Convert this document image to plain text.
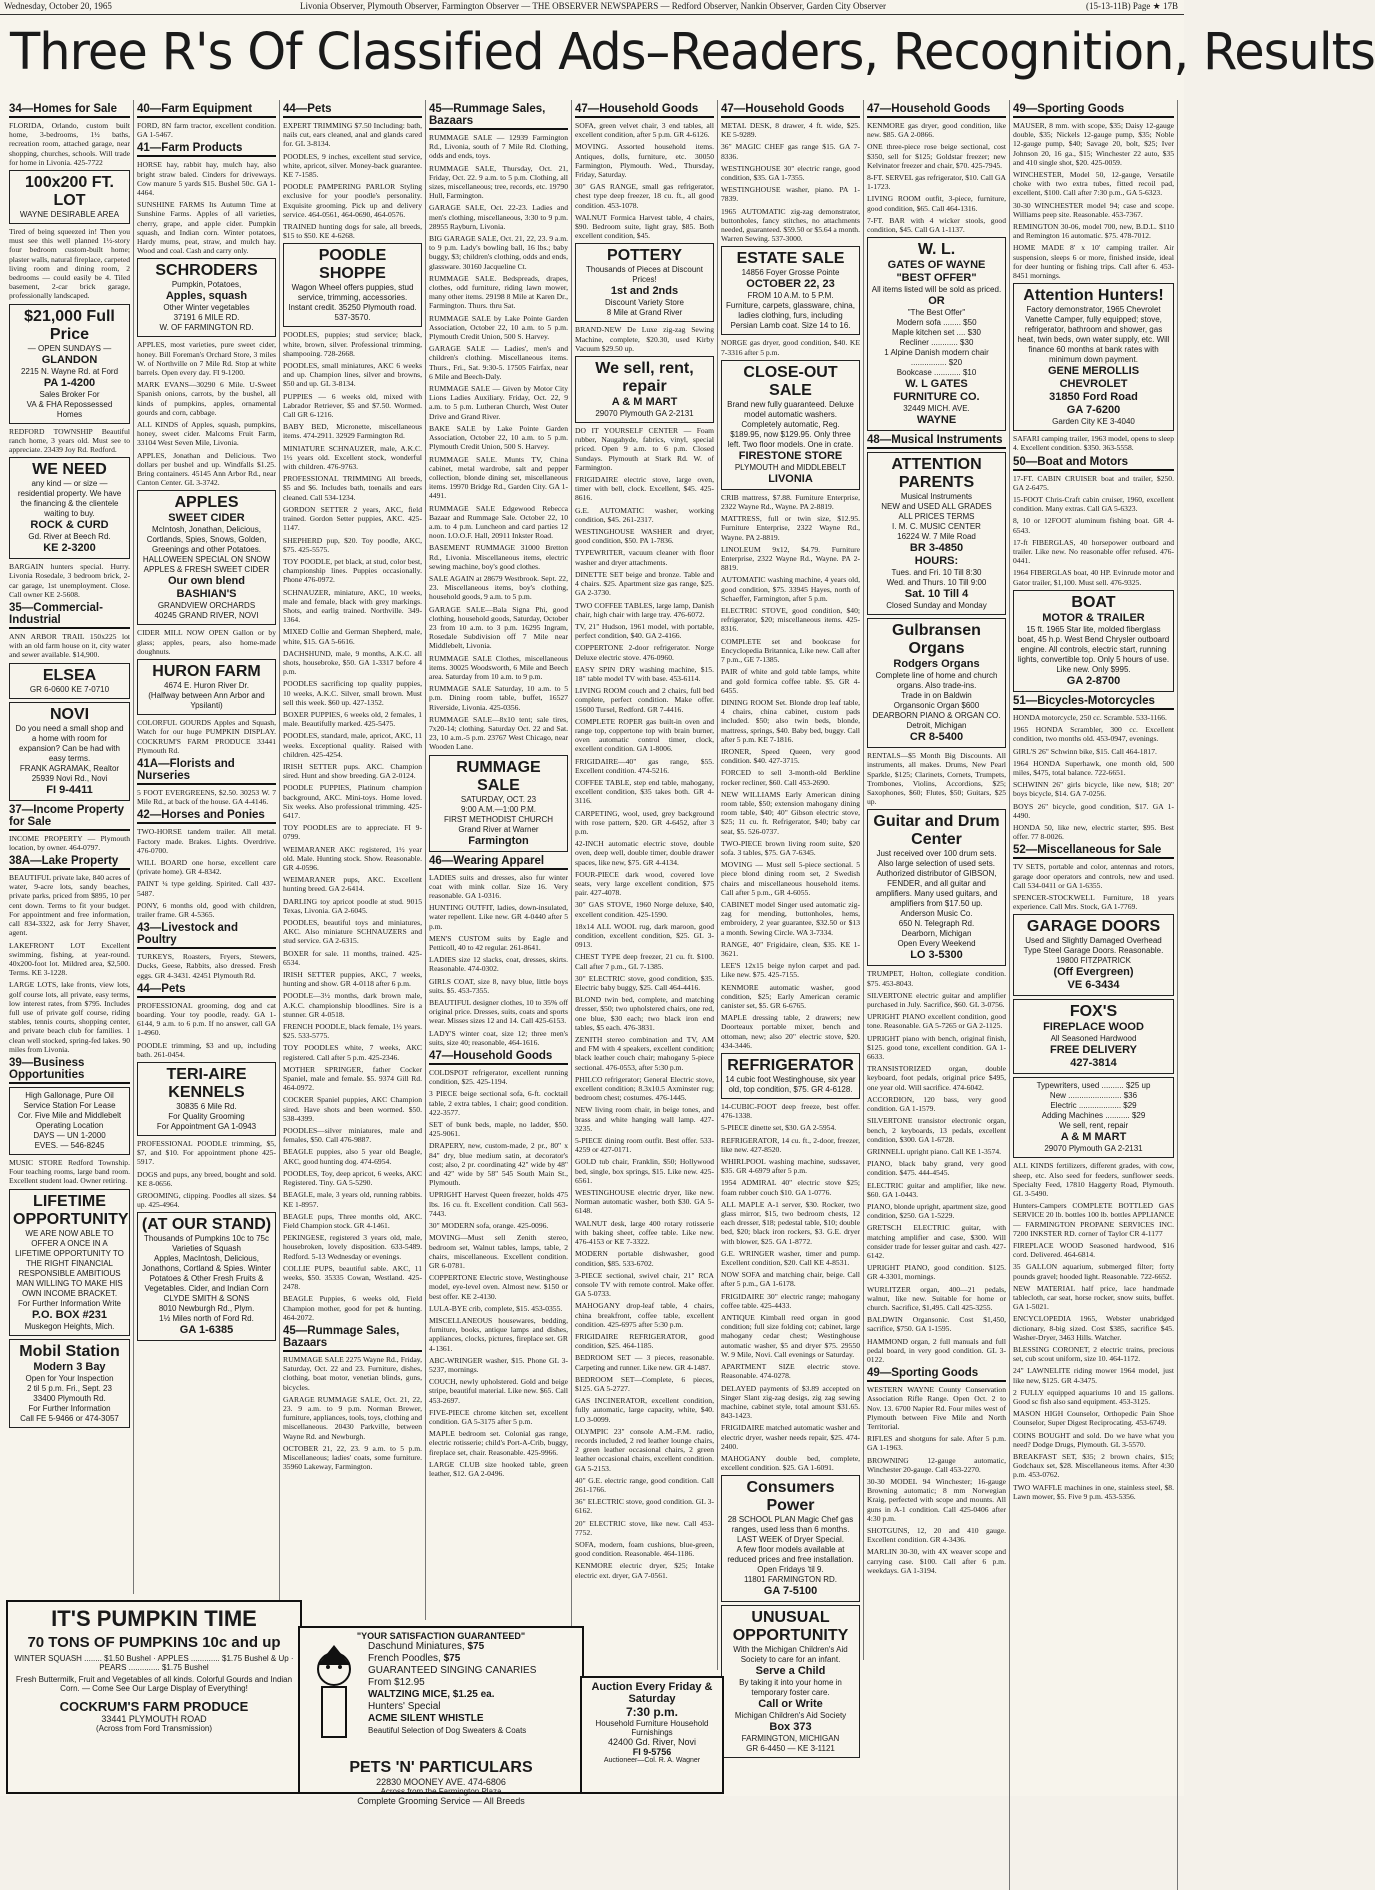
Wednesday, October 20, 1965	Livonia Observer, Plymouth Observer, Farmington Observer — THE OBSERVER NEWSPAPERS — Redford Observer, Nankin Observer, Garden City Observer	(15-13-11B) Page ★ 17B
Three R's Of Classified Ads–Readers, Recognition, Results
34—Homes for Sale

FLORIDA, Orlando, custom built home, 3-bedrooms, 1½ baths, recreation room, attached garage, near shopping, churches, schools. Will trade for home in Livonia. 425-7722

100x200 FT. LOT
WAYNE DESIRABLE AREA

Tired of being squeezed in! Then you must see this well planned 1½-story four bedroom custom-built home; plaster walls, natural fireplace, carpeted living room and dining room, 2 bedrooms — could easily be 4. Tiled basement, 2-car brick garage, professionally landscaped.

$21,000 Full Price
— OPEN SUNDAYS —
GLANDON
2215 N. Wayne Rd. at Ford
PA 1-4200
Sales Broker For
VA & FHA Repossessed Homes

REDFORD TOWNSHIP Beautiful ranch home, 3 years old. Must see to appreciate. 23439 Joy Rd. Redford.

WE NEED
any kind — or size — residential property. We have the financing & the clientele waiting to buy.
ROCK & CURD
Gd. River at Beech Rd.
KE 2-3200

BARGAIN hunters special. Hurry. Livonia Rosedale, 3 bedroom brick, 2-car garage, 1st unemployment. Close. Call owner KE 2-5608.

35—Commercial-Industrial

ANN ARBOR TRAIL 150x225 lot with an old farm house on it, city water and sewer available. $14,900.

ELSEA
GR 6-0600 KE 7-0710
NOVI
Do you need a small shop and a home with room for expansion? Can be had with easy terms.
FRANK AGRAMAK, Realtor
25939 Novi Rd., Novi
FI 9-4411
37—Income Property for Sale

INCOME PROPERTY — Plymouth location, by owner. 464-0797.

38A—Lake Property

BEAUTIFUL private lake, 840 acres of water, 9-acre lots, sandy beaches, private parks, priced from $895, 10 per cent down. Terms to fit your budget. For appointment and free information, call 834-3322, ask for Jerry Shaver, agent.

LAKEFRONT LOT Excellent swimming, fishing, at year-round. 40x200-foot lot. Mildred area, $2,500. Terms. KE 3-1228.

LARGE LOTS, lake fronts, view lots, golf course lots, all private, easy terms, low interest rates, from $795. Includes full use of private golf course, riding stables, tennis courts, shopping center, and private beach club for families. 1 clean well stocked, spring-fed lakes. 90 miles from Livonia.

39—Business Opportunities
High Gallonage, Pure Oil Service Station For Lease
Cor. Five Mile and Middlebelt
Operating Location
DAYS — UN 1-2000
EVES. — 546-8245

MUSIC STORE Redford Township. Four teaching rooms, large band room. Excellent student load. Owner retiring.

LIFETIME OPPORTUNITY
WE ARE NOW ABLE TO OFFER A ONCE IN A LIFETIME OPPORTUNITY TO THE RIGHT FINANCIAL RESPONSIBLE AMBITIOUS MAN WILLING TO MAKE HIS OWN INCOME BRACKET.
For Further Information Write
P.O. BOX #231
Muskegon Heights, Mich.
Mobil Station
Modern 3 Bay
Open for Your Inspection
2 til 5 p.m. Fri., Sept. 23
33400 Plymouth Rd.
For Further Information
Call FE 5-9466 or 474-3057
40—Farm Equipment

FORD, 8N farm tractor, excellent condition. GA 1-5467.

41—Farm Products

HORSE hay, rabbit hay, mulch hay, also bright straw baled. Cinders for driveways. Cow manure 5 yards $15. Bushel 50c. GA 1-4464.

SUNSHINE FARMS Its Autumn Time at Sunshine Farms. Apples of all varieties, cherry, grape, and apple cider. Pumpkin squash, and Indian corn. Winter potatoes, Hardy mums, peat, straw, and mulch hay. Wood and coal. Cash and carry only.

SCHRODERS
Pumpkin, Potatoes,
Apples, squash
Other Winter vegetables
37191 6 MILE RD.
W. OF FARMINGTON RD.

APPLES, most varieties, pure sweet cider, honey. Bill Foreman's Orchard Store, 3 miles W. of Northville on 7 Mile Rd. Stop at white barrels. Open every day. FI 9-1200.

MARK EVANS—30290 6 Mile. U-Sweet Spanish onions, carrots, by the bushel, all kinds of pumpkins, apples, ornamental gourds and corn, cabbage.

ALL KINDS of Apples, squash, pumpkins, honey, sweet cider. Malcoms Fruit Farm, 33104 West Seven Mile, Livonia.

APPLES, Jonathan and Delicious. Two dollars per bushel and up. Windfalls $1.25. Bring containers. 45145 Ann Arbor Rd., near Canton Center. GL 3-3742.

APPLES
SWEET CIDER
McIntosh, Jonathan, Delicious, Cortlands, Spies, Snows, Golden, Greenings and other Potatoes.
HALLOWEEN SPECIAL ON SNOW APPLES & FRESH SWEET CIDER
Our own blend
BASHIAN'S
GRANDVIEW ORCHARDS
40245 GRAND RIVER, NOVI

CIDER MILL NOW OPEN Gallon or by glass; apples, pears, also home-made doughnuts.

HURON FARM
4674 E. Huron River Dr.
(Halfway between Ann Arbor and Ypsilanti)

COLORFUL GOURDS Apples and Squash, Watch for our huge PUMPKIN DISPLAY. COCKRUM'S FARM PRODUCE 33441 Plymouth Rd.

41A—Florists and Nurseries

5 FOOT EVERGREENS, $2.50. 30253 W. 7 Mile Rd., at back of the house. GA 4-4146.

42—Horses and Ponies

TWO-HORSE tandem trailer. All metal. Factory made. Brakes. Lights. Overdrive. 476-0700.

WILL BOARD one horse, excellent care (private home). GR 4-8342.

PAINT ¼ type gelding. Spirited. Call 437-5487.

PONY, 6 months old, good with children, trailer frame. GR 4-5365.

43—Livestock and Poultry

TURKEYS, Roasters, Fryers, Stewers, Ducks, Geese, Rabbits, also dressed. Fresh eggs. GR 4-3431. 42451 Plymouth Rd.

44—Pets

PROFESSIONAL grooming, dog and cat boarding. Your toy poodle, ready. GA 1-6144, 9 a.m. to 6 p.m. If no answer, call GA 1-4960.

POODLE trimming, $3 and up, including bath. 261-0454.

TERI-AIRE KENNELS
30835 6 Mile Rd.
For Quality Grooming
For Appointment GA 1-0943

PROFESSIONAL POODLE trimming, $5, $7, and $10. For appointment phone 425-5917.

DOGS and pups, any breed, bought and sold. KE 8-0656.

GROOMING, clipping. Poodles all sizes. $4 up. 425-4964.

(AT OUR STAND)
Thousands of Pumpkins 10c to 75c
Varieties of Squash
Apples, MacIntosh, Delicious, Jonathons, Cortland & Spies. Winter Potatoes & Other Fresh Fruits & Vegetables. Cider, and Indian Corn
CLYDE SMITH & SONS
8010 Newburgh Rd., Plym.
1½ Miles north of Ford Rd.
GA 1-6385
44—Pets

EXPERT TRIMMING $7.50 Including: bath, nails cut, ears cleaned, anal and glands cared for. GL 3-8134.

POODLES, 9 inches, excellent stud service, white, apricot, silver. Money-back guarantee. KE 7-1585.

POODLE PAMPERING PARLOR Styling exclusive for your poodle's personality. Exquisite grooming. Pick up and delivery service. 464-0561, 464-0690, 464-0576.

TRAINED hunting dogs for sale, all breeds, $15 to $50. KE 4-6268.

POODLE SHOPPE
Wagon Wheel offers puppies, stud service, trimming, accessories. Instant credit. 35250 Plymouth road. 537-3570.

POODLES, puppies; stud service; black, white, brown, silver. Professional trimming, shampooing. 728-2668.

POODLES, small miniatures, AKC 6 weeks and up. Champion lines, silver and browns, $50 and up. GL 3-8134.

PUPPIES — 6 weeks old, mixed with Labrador Retriever, $5 and $7.50. Wormed. Call GR 6-1216.

BABY BED, Micronette, miscellaneous items. 474-2911. 32929 Farmington Rd.

MINIATURE SCHNAUZER, male, A.K.C. 1½ years old. Excellent stock, wonderful with children. 476-9763.

PROFESSIONAL TRIMMING All breeds, $5 and $6. Includes bath, toenails and ears cleaned. Call 534-1234.

GORDON SETTER 2 years, AKC, field trained. Gordon Setter puppies, AKC. 425-1147.

SHEPHERD pup, $20. Toy poodle, AKC, $75. 425-5575.

TOY POODLE, pet black, at stud, color best, championship lines. Puppies occasionally. Phone 476-0972.

SCHNAUZER, miniature, AKC, 10 weeks, male and female, black with grey markings. Shots, and earlig trained. Northville. 349-1364.

MIXED Collie and German Shepherd, male, white, $15. GA 5-6616.

DACHSHUND, male, 9 months, A.K.C. all shots, housebroke, $50. GA 1-3317 before 4 p.m.

POODLES sacrificing top quality puppies, 10 weeks, A.K.C. Silver, small brown. Must sell this week. $60 up. 427-1352.

BOXER PUPPIES, 6 weeks old, 2 females, 1 male. Beautifully marked. 425-5475.

POODLES, standard, male, apricot, AKC, 11 weeks. Exceptional quality. Raised with children. 425-4254.

IRISH SETTER pups. AKC. Champion sired. Hunt and show breeding. GA 2-0124.

POODLE PUPPIES, Platinum champion background, AKC. Mini-toys. Home loved. Six weeks. Also professional trimming. 425-6417.

TOY POODLES are to appreciate. FI 9-0799.

WEIMARANER AKC registered, 1½ year old. Male. Hunting stock. Show. Reasonable. GR 4-0596.

WEIMARANER pups, AKC. Excellent hunting breed. GA 2-6414.

DARLING toy apricot poodle at stud. 9015 Texas, Livonia. GA 2-6045.

POODLES, beautiful toys and miniatures, AKC. Also miniature SCHNAUZERS and stud service. GA 2-6315.

BOXER for sale. 11 months, trained. 425-6534.

IRISH SETTER puppies, AKC, 7 weeks, hunting and show. GR 4-0118 after 6 p.m.

POODLE—3½ months, dark brown male, A.K.C. championship bloodlines. Sire is a stunner. GR 4-0518.

FRENCH POODLE, black female, 1½ years. $25. 533-5775.

TOY POODLES white, 7 weeks, AKC registered. Call after 5 p.m. 425-2346.

MOTHER SPRINGER, father Cocker Spaniel, male and female. $5. 9374 Gill Rd. 464-0972.

COCKER Spaniel puppies, AKC Champion sired. Have shots and been wormed. $50. 538-4399.

POODLES—silver miniatures, male and females, $50. Call 476-9887.

BEAGLE puppies, also 5 year old Beagle, AKC, good hunting dog. 474-6954.

POODLES, Toy, deep apricot, 6 weeks, AKC Registered. Tiny. GA 5-5290.

BEAGLE, male, 3 years old, running rabbits. KE 1-8957.

BEAGLE pups, Three months old, AKC. Field Champion stock. GR 4-1461.

PEKINGESE, registered 3 years old, male, housebroken, lovely disposition. 633-5489. Redford. 5-13 Wednesday or evenings.

COLLIE PUPS, beautiful sable. AKC, 11 weeks, $50. 35335 Cowan, Westland. 425-2478.

BEAGLE Puppies, 6 weeks old, Field Champion mother, good for pet & hunting. 464-2072.

45—Rummage Sales, Bazaars

RUMMAGE SALE 2275 Wayne Rd., Friday, Saturday, Oct. 22 and 23. Furniture, dishes, clothing, boat motor, venetian blinds, guns, bicycles.

GARAGE RUMMAGE SALE, Oct. 21, 22, 23. 9 a.m. to 9 p.m. Norman Brewer, furniture, appliances, tools, toys, clothing and miscellaneous. 20430 Parkville, between Wayne Rd. and Newburgh.

OCTOBER 21, 22, 23. 9 a.m. to 5 p.m. Miscellaneous; ladies' coats, some furniture. 35960 Lakeway, Farmington.

45—Rummage Sales, Bazaars

RUMMAGE SALE — 12939 Farmington Rd., Livonia, south of 7 Mile Rd. Clothing, odds and ends, toys.

RUMMAGE SALE, Thursday, Oct. 21, Friday, Oct. 22. 9 a.m. to 5 p.m. Clothing, all sizes, miscellaneous; tree, records, etc. 19790 Hull, Farmington.

GARAGE SALE, Oct. 22-23. Ladies and men's clothing, miscellaneous, 3:30 to 9 p.m. 28955 Rayburn, Livonia.

BIG GARAGE SALE, Oct. 21, 22, 23. 9 a.m. to 9 p.m. Lady's bowling ball, 16 lbs.; baby buggy, $3; children's clothing, odds and ends, glassware. 30160 Jacqueline Ct.

RUMMAGE SALE. Bedspreads, drapes, clothes, odd furniture, riding lawn mower, many other items. 29198 8 Mile at Karen Dr., Farmington. Thurs. thru Sat.

RUMMAGE SALE by Lake Pointe Garden Association, October 22, 10 a.m. to 5 p.m. Plymouth Credit Union, 500 S. Harvey.

GARAGE SALE — Ladies', men's and children's clothing. Miscellaneous items. Thurs., Fri., Sat. 9:30-5. 17505 Fairfax, near 6 Mile and Beech-Daly.

RUMMAGE SALE — Given by Motor City Lions Ladies Auxiliary. Friday, Oct. 22, 9 a.m. to 5 p.m. Lutheran Church, West Outer Drive and Grand River.

BAKE SALE by Lake Pointe Garden Association, October 22, 10 a.m. to 5 p.m. Plymouth Credit Union, 500 S. Harvey.

RUMMAGE SALE. Munts TV, China cabinet, metal wardrobe, salt and pepper collection, blonde dining set, miscellaneous items. 19970 Bridge Rd., Garden City. GA 1-4491.

RUMMAGE SALE Edgewood Rebecca Bazaar and Rummage Sale. October 22, 10 a.m. to 4 p.m. Luncheon and card parties 12 noon. I.O.O.F. Hall, 20911 Inkster Road.

BASEMENT RUMMAGE 31000 Bretton Rd., Livonia. Miscellaneous items, electric sewing machine, boy's good clothes.

SALE AGAIN at 28679 Westbrook. Sept. 22, 23. Miscellaneous items, boy's clothing, household goods, 9 a.m. to 5 p.m.

GARAGE SALE—Bala Signa Phi, good clothing, household goods, Saturday, October 23 from 10 a.m. to 3 p.m. 16295 Ingram, Rosedale Subdivision off 7 Mile near Middlebelt, Livonia.

RUMMAGE SALE Clothes, miscellaneous items. 30025 Woodsworth, 6 Mile and Beech area. Saturday from 10 a.m. to 9 p.m.

RUMMAGE SALE Saturday, 10 a.m. to 5 p.m. Dining room table, buffet, 16527 Riverside, Livonia. 425-0356.

RUMMAGE SALE—8x10 tent; sale tires, 7x20-14; clothing. Saturday Oct. 22 and Sat. 23, 10 a.m.-5 p.m. 23767 West Chicago, near Wooden Lane.

RUMMAGE SALE
SATURDAY, OCT. 23
9:00 A.M.—1:00 P.M.
FIRST METHODIST CHURCH
Grand River at Warner
Farmington
46—Wearing Apparel

LADIES suits and dresses, also fur winter coat with mink collar. Size 16. Very reasonable. GA 1-0316.

HUNTING OUTFIT, ladies, down-insulated, water repellent. Like new. GR 4-0440 after 5 p.m.

MEN'S CUSTOM suits by Eagle and Petticoll, 40 to 42 regular. 261-8641.

LADIES size 12 slacks, coat, dresses, skirts. Reasonable. 474-0302.

GIRLS COAT, size 8, navy blue, little boys suits. $5. 453-7355.

BEAUTIFUL designer clothes, 10 to 35% off original price. Dresses, suits, coats and sports wear. Misses sizes 12 and 14. Call 425-6153.

LADY'S winter coat, size 12; three men's suits, size 40; reasonable, 464-1616.

47—Household Goods

COLDSPOT refrigerator, excellent running condition, $25. 425-1194.

3 PIECE beige sectional sofa, 6-ft. cocktail table, 2 extra tables, 1 chair; good condition. 422-3577.

SET of bunk beds, maple, no ladder, $50. 425-9061.

DRAPERY, new, custom-made, 2 pr., 80" x 84" dry, blue medium satin, at decorator's cost; also, 2 pr. coordinating 42" wide by 48" and 42" wide by 58" 545 South Main St., Plymouth.

UPRIGHT Harvest Queen freezer, holds 475 lbs. 16 cu. ft. Excellent condition. Call 563-7443.

30" MODERN sofa, orange. 425-0096.

MOVING—Must sell Zenith stereo, bedroom set, Walnut tables, lamps, table, 2 chairs, miscellaneous. Excellent condition. GR 6-0781.

COPPERTONE Electric stove, Westinghouse model, eye-level oven. Almost new. $150 or best offer. KE 2-4130.

LULA-BYE crib, complete, $15. 453-0355.

MISCELLANEOUS housewares, bedding, furniture, books, antique lamps and dishes, appliances, clocks, pictures, fireplace set. GR 4-1361.

ABC-WRINGER washer, $15. Phone GL 3-5237, mornings.

COUCH, newly upholstered. Gold and beige stripe, beautiful material. Like new. $65. Call 453-2697.

FIVE-PIECE chrome kitchen set, excellent condition. GA 5-3175 after 5 p.m.

MAPLE bedroom set. Colonial gas range, electric rotisserie; child's Port-A-Crib, buggy, fireplace set, chair. Reasonable. 425-9966.

LARGE CLUB size hooked table, green leather, $12. GA 2-0496.

47—Household Goods

SOFA, green velvet chair, 3 end tables, all excellent condition, after 5 p.m. GR 4-6126.

MOVING. Assorted household items. Antiques, dolls, furniture, etc. 30050 Farmington, Plymouth. Wed., Thursday, Friday, Saturday.

30" GAS RANGE, small gas refrigerator, chest type deep freezer, 18 cu. ft., all good condition. 453-1078.

WALNUT Formica Harvest table, 4 chairs, $90. Bedroom suite, light gray, $85. Both excellent condition, $45.

POTTERY
Thousands of Pieces at Discount Prices!
1st and 2nds
Discount Variety Store
8 Mile at Grand River

BRAND-NEW De Luxe zig-zag Sewing Machine, complete, $20.30, used Kirby Vacuum $29.50 up.

We sell, rent, repair
A & M MART
29070 Plymouth GA 2-2131

DO IT YOURSELF CENTER — Foam rubber, Naugahyde, fabrics, vinyl, special priced. Open 9 a.m. to 6 p.m. Closed Sundays. Plymouth at Stark Rd. W. of Farmington.

FRIGIDAIRE electric stove, large oven, timer with bell, clock. Excellent, $45. 425-8616.

G.E. AUTOMATIC washer, working condition, $45. 261-2317.

WESTINGHOUSE WASHER and dryer, good condition, $50. PA 1-7836.

TYPEWRITER, vacuum cleaner with floor washer and dryer attachments.

DINETTE SET beige and bronze. Table and 4 chairs. $25. Apartment size gas range, $25. GA 2-3730.

TWO COFFEE TABLES, large lamp, Danish chair, high chair with large tray. 476-6072.

TV, 21" Hudson, 1961 model, with portable, perfect condition, $40. GA 2-4166.

COPPERTONE 2-door refrigerator. Norge Deluxe electric stove. 476-0960.

EASY SPIN DRY washing machine, $15. 18" table model TV with base. 453-6114.

LIVING ROOM couch and 2 chairs, full bed complete, perfect condition. Make offer. 15600 Tursel, Redford. GR 7-4416.

COMPLETE ROPER gas built-in oven and range top, coppertone top with brain burner, oven automatic control timer, clock, excellent condition. GA 1-8006.

FRIGIDAIRE—40" gas range, $55. Excellent condition. 474-5216.

COFFEE TABLE, step end table, mahogany, excellent condition, $35 takes both. GR 4-3116.

CARPETING, wool, used, grey background with rose pattern, $20. GR 4-6452, after 3 p.m.

42-INCH automatic electric stove, double oven, deep well, double timer, double drawer spaces, like new, $75. GR 4-4134.

FOUR-PIECE dark wood, covered love seats, very large excellent condition, $75 pair. 427-4078.

30" GAS STOVE, 1960 Norge deluxe, $40, excellent condition. 425-1590.

18x14 ALL WOOL rug, dark maroon, good condition, excellent condition, $25. GL 3-0913.

CHEST TYPE deep freezer, 21 cu. ft. $100. Call after 7 p.m., GL 7-1385.

30" ELECTRIC stove, good condition, $35. Electric baby buggy, $25. Call 464-4416.

BLOND twin bed, complete, and matching dresser, $50; two upholstered chairs, one red, one blue, $30 each; two black iron end tables, $5 each. 476-3831.

ZENITH stereo combination and TV, AM and FM with 4 speakers, excellent condition; black leather couch chair; mahogany 5-piece sectional. 476-0553, after 5:30 p.m.

PHILCO refrigerator; General Electric stove, excellent condition; 8.3x10.5 Axminster rug; bedroom chest; costumes. 476-1445.

NEW living room chair, in beige tones, and brass and white hanging wall lamp. 427-3235.

5-PIECE dining room outfit. Best offer. 533-4259 or 427-0171.

GOLD tub chair, Franklin, $50; Hollywood bed, single, box springs, $15. Like new. 425-6561.

WESTINGHOUSE electric dryer, like new. Norman automatic washer, both $30. GA 5-6148.

WALNUT desk, large 400 rotary rotisserie with baking sheet, coffee table. Like new. 476-4153 or KE 7-3322.

MODERN portable dishwasher, good condition, $85. 533-6702.

3-PIECE sectional, swivel chair, 21" RCA console TV with remote control. Make offer. GA 5-0733.

MAHOGANY drop-leaf table, 4 chairs, china breakfront, coffee table, excellent condition. 425-6975 after 5:30 p.m.

FRIGIDAIRE REFRIGERATOR, good condition, $25. 464-1185.

BEDROOM SET — 3 pieces, reasonable. Carpeting and runner. Like new. GR 4-1487.

BEDROOM SET—Complete, 6 pieces, $125. GA 5-2727.

GAS INCINERATOR, excellent condition, fully automatic, large capacity, white, $40. LO 3-0099.

OLYMPIC 23" console A.M.-F.M. radio, records included, 2 red leather lounge chairs, 2 green leather occasional chairs, 2 green leather occasional chairs, excellent condition. GA 5-2153.

40" G.E. electric range, good condition. Call 261-1766.

36" ELECTRIC stove, good condition. GL 3-6162.

20" ELECTRIC stove, like new. Call 453-7752.

SOFA, modern, foam cushions, blue-green, good condition. Reasonable. 464-1186.

KENMORE electric dryer, $25; Intake electric ext. dryer, GA 7-0561.

47—Household Goods

METAL DESK, 8 drawer, 4 ft. wide, $25. KE 5-9289.

36" MAGIC CHEF gas range $15. GA 7-8336.

WESTINGHOUSE 30" electric range, good condition, $35. GA 1-7355.

WESTINGHOUSE washer, piano. PA 1-7839.

1965 AUTOMATIC zig-zag demonstrator, buttonholes, fancy stitches, no attachments needed, guaranteed. $59.50 or $5.64 a month. Warren Sewing. 537-3000.

ESTATE SALE
14856 Foyer Grosse Pointe
OCTOBER 22, 23
FROM 10 A.M. to 5 P.M.
Furniture, carpets, glassware, china, ladies clothing, furs, including Persian Lamb coat. Size 14 to 16.

NORGE gas dryer, good condition, $40. KE 7-3316 after 5 p.m.

CLOSE-OUT SALE
Brand new fully guaranteed. Deluxe model automatic washers. Completely automatic, Reg. $189.95, now $129.95. Only three left. Two floor models. One in crate.
FIRESTONE STORE
PLYMOUTH and MIDDLEBELT
LIVONIA

CRIB mattress, $7.88. Furniture Enterprise, 2322 Wayne Rd., Wayne. PA 2-8819.

MATTRESS, full or twin size, $12.95. Furniture Enterprise, 2322 Wayne Rd., Wayne. PA 2-8819.

LINOLEUM 9x12, $4.79. Furniture Enterprise, 2322 Wayne Rd., Wayne. PA 2-8819.

AUTOMATIC washing machine, 4 years old, good condition, $75. 33945 Hayes, north of Schaeffer, Farmington, after 5 p.m.

ELECTRIC STOVE, good condition, $40; refrigerator, $20; miscellaneous items. 425-8316.

COMPLETE set and bookcase for Encyclopedia Britannica, Like new. Call after 7 p.m., GE 7-1385.

PAIR of white and gold table lamps, white and gold formica coffee table. $5. GR 4-6455.

DINING ROOM Set. Blonde drop leaf table, 4 chairs, china cabinet, custom pads included. $50; also twin beds, blonde, mattress, springs, $40. Baby bed, buggy. Call after 5 p.m. KE 7-1816.

IRONER, Speed Queen, very good condition. $40. 427-3715.

FORCED to sell 3-month-old Berkline rocker recliner, $60. Call 453-2690.

NEW WILLIAMS Early American dining room table, $50; extension mahogany dining room table, $40; 40" Gibson electric stove, $25; 11 cu. ft. Refrigerator, $40; baby car seat, $5. 526-0737.

TWO-PIECE brown living room suite, $20 sofa. 3 tables, $75. GA 7-6345.

MOVING — Must sell 5-piece sectional. 5 piece blond dining room set, 2 Swedish chairs and miscellaneous household items. Call after 5 p.m., GR 4-6055.

CABINET model Singer used automatic zig-zag for mending, buttonholes, hems, embroidery, 2 year guarantee, $32.50 or $13 a month. Sewing Circle. WA 3-7334.

RANGE, 40" Frigidaire, clean, $35. KE 1-3621.

LEE'S 12x15 beige nylon carpet and pad. Like new. $75. 425-7155.

KENMORE automatic washer, good condition, $25; Early American ceramic canister set, $5. GR 6-6765.

MAPLE dressing table, 2 drawers; new Doorteaux portable mixer, bench and ottoman, new; also 20" electric stove, $20. 434-3446.

REFRIGERATOR
14 cubic foot Westinghouse, six year old, top condition, $75. GR 4-6128.

14-CUBIC-FOOT deep freeze, best offer. 476-1338.

5-PIECE dinette set, $30. GA 2-5954.

REFRIGERATOR, 14 cu. ft., 2-door, freezer, like new. 427-8520.

WHIRLPOOL washing machine, sudssaver, $35. GR 4-6979 after 5 p.m.

1954 ADMIRAL 40" electric stove $25; foam rubber couch $10. GA 1-0776.

ALL MAPLE A-1 server, $30. Rocker, two glass mirror, $15, two bedroom chests, 12 each dresser, $18; pedestal table, $10; double bed, $20; black iron rockers, $3. G.E. dryer with blower, $25. GA 1-8772.

G.E. WRINGER washer, timer and pump. Excellent condition, $20. Call KE 4-8531.

NOW SOFA and matching chair, beige. Call after 5 p.m., GA 1-6178.

FRIGIDAIRE 30" electric range; mahogany coffee table. 425-4433.

ANTIQUE Kimball reed organ in good condition; full size folding cot; cabinet, large mahogany cedar chest; Westinghouse automatic washer, $5 and dryer $75. 29550 W. 9 Mile, Novi. Call evenings or Saturday.

APARTMENT SIZE electric stove. Reasonable. 474-0278.

DELAYED payments of $3.89 accepted on Singer Slant zig-zag desigs, zig zag sewing machine, cabinet style, total amount $31.65. 843-1423.

FRIGIDAIRE matched automatic washer and electric dryer, washer needs repair, $25. 474-2400.

MAHOGANY double bed, complete, excellent condition. $25. GA 1-6091.

Consumers Power
28 SCHOOL PLAN Magic Chef gas ranges, used less than 6 months.
LAST WEEK of Dryer Special.
A few floor models available at reduced prices and free installation.
Open Fridays 'til 9.
11801 FARMINGTON RD.
GA 7-5100
UNUSUAL OPPORTUNITY
With the Michigan Children's Aid Society to care for an infant.
Serve a Child
By taking it into your home in temporary foster care.
Call or Write
Michigan Children's Aid Society
Box 373
FARMINGTON, MICHIGAN
GR 6-4450 — KE 3-1121
47—Household Goods

KENMORE gas dryer, good condition, like new. $85. GA 2-0866.

ONE three-piece rose beige sectional, cost $350, sell for $125; Goldstar freezer; new Kelvinator freezer and chair, $70. 425-7945.

8-FT. SERVEL gas refrigerator, $10. Call GA 1-1723.

LIVING ROOM outfit, 3-piece, furniture, good condition, $65. Call 464-1316.

7-FT. BAR with 4 wicker stools, good condition, $45. Call GA 1-1137.

W. L.
GATES OF WAYNE
"BEST OFFER"
All items listed will be sold as priced.
OR
"The Best Offer"
Modern sofa ........ $50
Maple kitchen set .... $30
Recliner ............ $30
1 Alpine Danish modern chair ................ $20
Bookcase ............ $10
W. L GATES
FURNITURE CO.
32449 MICH. AVE.
WAYNE
48—Musical Instruments
ATTENTION PARENTS
Musical Instruments
NEW and USED ALL GRADES
ALL PRICES TERMS
I. M. C. MUSIC CENTER
16224 W. 7 Mile Road
BR 3-4850
HOURS:
Tues. and Fri. 10 Till 8:30
Wed. and Thurs. 10 Till 9:00
Sat. 10 Till 4
Closed Sunday and Monday
Gulbransen Organs
Rodgers Organs
Complete line of home and church organs. Also trade-ins.
Trade in on Baldwin
Organsonic Organ $600
DEARBORN PIANO & ORGAN CO.
Detroit, Michigan
CR 8-5400

RENTALS—$5 Month Big Discounts. All instruments, all makes. Drums, New Pearl Sparkle, $125; Clarinets, Cornets, Trumpets, Trombones, Violins, Accordions, $25; Saxophones, $60; Flutes, $50; Guitars, $25 up.

Guitar and Drum Center
Just received over 100 drum sets. Also large selection of used sets. Authorized distributor of GIBSON, FENDER, and all guitar and amplifiers. Many used guitars, and amplifiers from $17.50 up.
Anderson Music Co.
650 N. Telegraph Rd.
Dearborn, Michigan
Open Every Weekend
LO 3-5300

TRUMPET, Holton, collegiate condition. $75. 453-8043.

SILVERTONE electric guitar and amplifier purchased in July. Sacrifice, $60. GL 3-0756.

UPRIGHT PIANO excellent condition, good tone. Reasonable. GA 5-7265 or GA 2-1125.

UPRIGHT piano with bench, original finish, $125. good tone, excellent condition. GA 1-6633.

TRANSISTORIZED organ, double keyboard, foot pedals, original price $495, one year old. Will sacrifice. 474-6042.

ACCORDION, 120 bass, very good condition. GA 1-1579.

SILVERTONE transistor electronic organ, bench, 2 keyboards, 13 pedals, excellent condition, $300. GA 1-6728.

GRINNELL upright piano. Call KE 1-3574.

PIANO, black baby grand, very good condition. $475. 444-4545.

ELECTRIC guitar and amplifier, like new. $60. GA 1-0443.

PIANO, blonde upright, apartment size, good condition, $250. GA 1-5229.

GRETSCH ELECTRIC guitar, with matching amplifier and case, $300. Will consider trade for lesser guitar and cash. 427-6142.

UPRIGHT PIANO, good condition. $125. GR 4-3301, mornings.

WURLITZER organ, 400—21 pedals, walnut, like new. Suitable for home or church. Sacrifice, $1,495. Call 425-3255.

BALDWIN Organsonic. Cost $1,450, sacrifice, $750. GA 1-1595.

HAMMOND organ, 2 full manuals and full pedal board, in very good condition. GL 3-0122.

49—Sporting Goods

WESTERN WAYNE County Conservation Association Rifle Range. Open Oct. 2 to Nov. 13. 6700 Napier Rd. Four miles west of Plymouth between Five Mile and North Territorial.

RIFLES and shotguns for sale. After 5 p.m. GA 1-1963.

BROWNING 12-gauge automatic, Winchester 20-gauge. Call 453-2270.

30-30 MODEL 94 Winchester; 16-gauge Browning automatic; 8 mm Norwegian Kraig, perfected with scope and mounts. All guns in A-1 condition. Call 425-0406 after 4:30 p.m.

SHOTGUNS, 12, 20 and 410 gauge. Excellent condition. GR 4-3436.

MARLIN 30-30, with 4X weaver scope and carrying case. $100. Call after 6 p.m. weekdays. GA 1-3194.

49—Sporting Goods

MAUSER, 8 mm. with scope, $35; Daisy 12-gauge double, $35; Nickels 12-gauge pump, $35; Noble 12-gauge pump, $40; Savage 20, bolt, $25; Iver Johnson 20, 16 ga., $15; Winchester 22 auto, $35 and 410 single shot, $20. 425-0059.

WINCHESTER, Model 50, 12-gauge, Versatile choke with two extra tubes, fitted recoil pad, excellent, $100. Call after 7:30 p.m., GA 5-6323.

30-30 WINCHESTER model 94; case and scope. Williams peep site. Reasonable. 453-7367.

REMINGTON 30-06, model 700, new, B.D.L. $110 and Remington 16 automatic. $75. 478-7012.

HOME MADE 8' x 10' camping trailer. Air suspension, sleeps 6 or more, finished inside, ideal for deer hunting or fishing trips. Call after 6. 453-8451 mornings.

Attention Hunters!
Factory demonstrator, 1965 Chevrolet Vanette Camper, fully equipped; stove, refrigerator, bathroom and shower, gas heat, twin beds, own water supply, etc. Will finance 60 months at bank rates with minimum down payment.
GENE MEROLLIS
CHEVROLET
31850 Ford Road
GA 7-6200
Garden City KE 3-4040

SAFARI camping trailer, 1963 model, opens to sleep 4. Excellent condition. $350. 363-5558.

50—Boat and Motors

17-FT. CABIN CRUISER boat and trailer, $250. GA 2-6475.

15-FOOT Chris-Craft cabin cruiser, 1960, excellent condition. Many extras. Call GA 5-6323.

8, 10 or 12FOOT aluminum fishing boat. GR 4-6543.

17-ft FIBERGLAS, 40 horsepower outboard and trailer. Like new. No reasonable offer refused. 476-0441.

1964 FIBERGLAS boat, 40 HP. Evinrude motor and Gator trailer, $1,100. Must sell. 476-9325.

BOAT
MOTOR & TRAILER
15 ft. 1965 Star lite, molded fiberglass boat, 45 h.p. West Bend Chrysler outboard engine. All controls, electric start, running lights, convertible top. Only 5 hours of use. Like new. Only $995.
GA 2-8700
51—Bicycles-Motorcycles

HONDA motorcycle, 250 cc. Scramble. 533-1166.

1965 HONDA Scrambler, 300 cc. Excellent condition, two months old. 453-0947, evenings.

GIRL'S 26" Schwinn bike, $15. Call 464-1817.

1964 HONDA Superhawk, one month old, 500 miles, $475, total balance. 722-6651.

SCHWINN 26" girls bicycle, like new, $18; 20" boys bicycle, $14. GA 7-0256.

BOYS 26" bicycle, good condition, $17. GA 1-4490.

HONDA 50, like new, electric starter, $95. Best offer. 77 8-0026.

52—Miscellaneous for Sale

TV SETS, portable and color, antennas and rotors, garage door operators and controls, new and used. Call 534-0411 or GA 1-6355.

SPENCER-STOCKWELL Furniture, 18 years experience. Call Mrs. Stock, GA 1-7769.

GARAGE DOORS
Used and Slightly Damaged Overhead Type Steel Garage Doors. Reasonable.
19800 FITZPATRICK
(Off Evergreen)
VE 6-3434
FOX'S
FIREPLACE WOOD
All Seasoned Hardwood
FREE DELIVERY
427-3814
Typewriters, used .......... $25 up
New ........................ $36
Electric ................... $29
Adding Machines ........... $29
We sell, rent, repair
A & M MART
29070 Plymouth GA 2-2131

ALL KINDS fertilizers, different grades, with cow, sheep, etc. Also seed for feeders, sunflower seeds. Specialty Feed, 17810 Haggerty Road, Plymouth. GL 3-5490.

Hunters-Campers COMPLETE BOTTLED GAS SERVICE 20 lb. bottles 100 lb. bottles APPLIANCE — FARMINGTON PROPANE SERVICES INC. 7200 INKSTER RD. corner of Taylor CR 4-1177

FIREPLACE WOOD Seasoned hardwood, $16 cord. Delivered. 464-6814.

35 GALLON aquarium, submerged filter; forty pounds gravel; hooded light. Reasonable. 722-6652.

NEW MATERIAL half price, lace handmade tablecloth, car seat, horse rocker, snow suits, buffet. GA 1-5021.

ENCYCLOPEDIA 1965, Webster unabridged dictionary, 8-big sized. Cost $385, sacrifice $45. Washer-Dryer, 3463 Hills. Watcher.

BLESSING CORONET, 2 electric trains, precious set, cub scout uniform, size 10. 464-1172.

24" LAWNELITE riding mower 1964 model, just like new, $125. GR 4-3475.

2 FULLY equipped aquariums 10 and 15 gallons. Good sc fish also sand equipment. 453-3125.

MASON HIGH Counselor, Orthopedic Pain Shoe Counselor, Super Digest Reciprocating. 453-6749.

COINS BOUGHT and sold. Do we have what you need? Dodge Drugs, Plymouth. GL 3-5570.

BREAKFAST SET, $35; 2 brown chairs, $15; Godchaux set, $28. Miscellaneous items. After 4:30 p.m. 453-0762.

TWO WAFFLE machines in one, stainless steel, $8. Lawn mower, $5. Five 9 p.m. 453-5356.

IT'S PUMPKIN TIME
70 TONS OF PUMPKINS 10c and up
WINTER SQUASH ........ $1.50 Bushel · APPLES ............. $1.75 Bushel & Up · PEARS .............. $1.75 Bushel
Fresh Buttermilk, Fruit and Vegetables of all kinds. Colorful Gourds and Indian Corn. — Come See Our Large Display of Everything!
COCKRUM'S FARM PRODUCE
33441 PLYMOUTH ROAD
(Across from Ford Transmission)
"YOUR SATISFACTION GUARANTEED"
Daschund Miniatures, $75
French Poodles, $75
GUARANTEED SINGING CANARIES
From $12.95
WALTZING MICE, $1.25 ea.
Hunters' Special
ACME SILENT WHISTLE
Beautiful Selection of Dog Sweaters & Coats
PETS 'N' PARTICULARS
22830 MOONEY AVE. 474-6806
Across from the Farmington Plaza
Complete Grooming Service — All Breeds
Auction Every Friday & Saturday
7:30 p.m.
Household Furniture Household Furnishings
42400 Gd. River, Novi
FI 9-5756
Auctioneer—Col. R. A. Wagner
